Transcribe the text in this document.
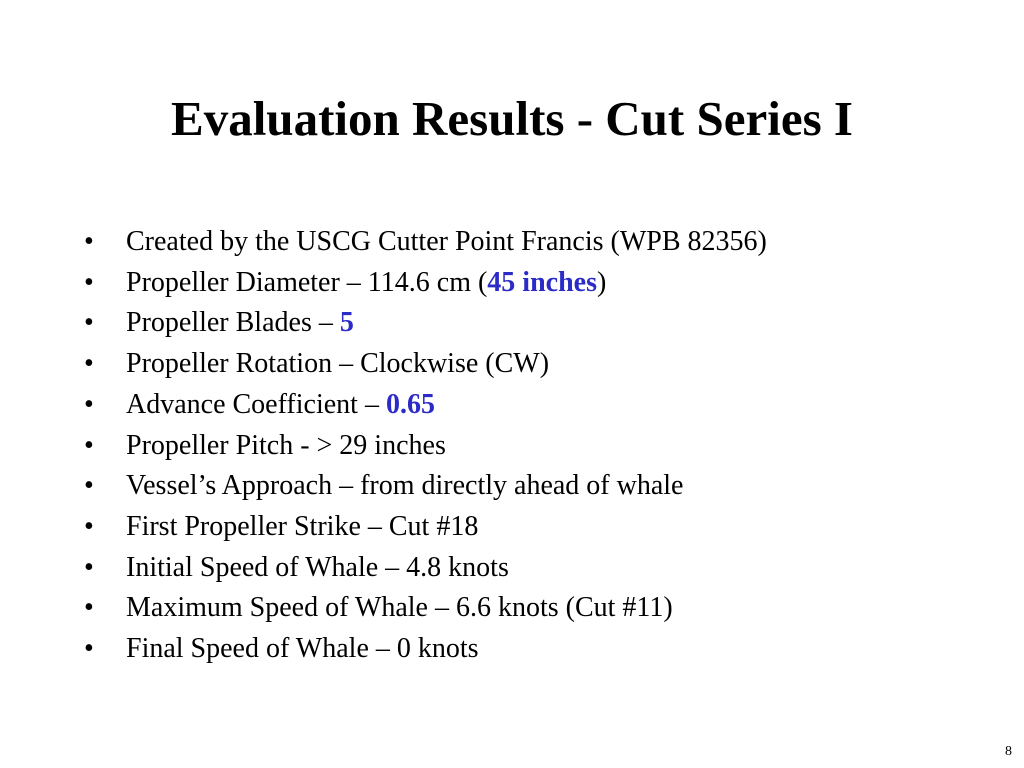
Evaluation Results - Cut Series I
• Created by the USCG Cutter Point Francis (WPB 82356)
• Propeller Diameter – 114.6 cm (45 inches)
• Propeller Blades – 5
• Propeller Rotation – Clockwise (CW)
• Advance Coefficient – 0.65
• Propeller Pitch - > 29 inches
• Vessel’s Approach – from directly ahead of whale
• First Propeller Strike – Cut #18
• Initial Speed of Whale – 4.8 knots
• Maximum Speed of Whale – 6.6 knots (Cut #11)
• Final Speed of Whale – 0 knots
8
